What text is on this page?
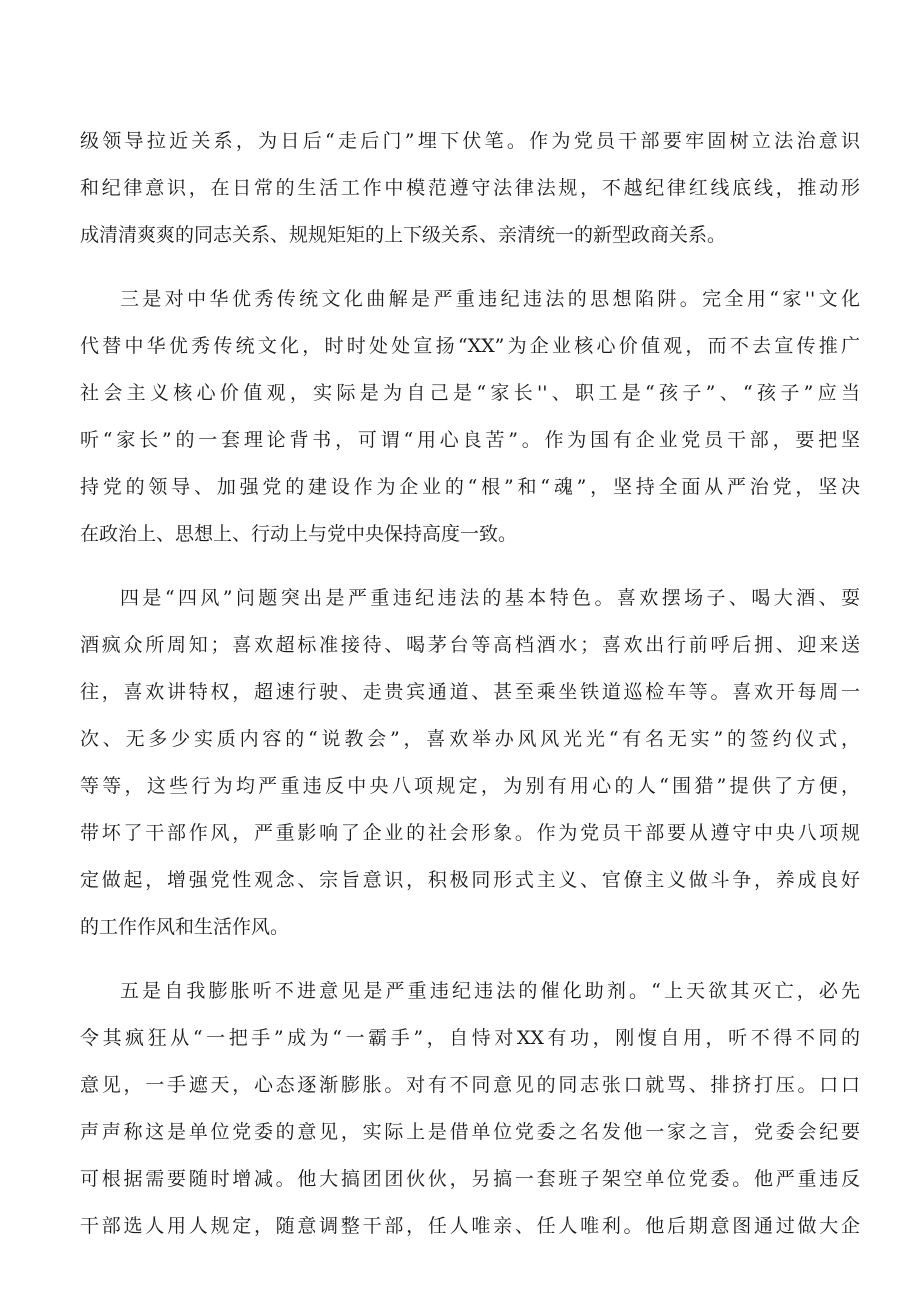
级领导拉近关系，为日后“走后门”埋下伏笔。作为党员干部要牢固树立法治意识
和纪律意识，在日常的生活工作中模范遵守法律法规，不越纪律红线底线，推动形
成清清爽爽的同志关系、规规矩矩的上下级关系、亲清统一的新型政商关系。
三是对中华优秀传统文化曲解是严重违纪违法的思想陷阱。完全用“家''文化
代替中华优秀传统文化，时时处处宣扬“XX”为企业核心价值观，而不去宣传推广
社会主义核心价值观，实际是为自己是“家长''、职工是“孩子”、“孩子”应当
听“家长”的一套理论背书，可谓“用心良苦”。作为国有企业党员干部，要把坚
持党的领导、加强党的建设作为企业的“根”和“魂”，坚持全面从严治党，坚决
在政治上、思想上、行动上与党中央保持高度一致。
四是“四风”问题突出是严重违纪违法的基本特色。喜欢摆场子、喝大酒、耍
酒疯众所周知；喜欢超标准接待、喝茅台等高档酒水；喜欢出行前呼后拥、迎来送
往，喜欢讲特权，超速行驶、走贵宾通道、甚至乘坐铁道巡检车等。喜欢开每周一
次、无多少实质内容的“说教会”，喜欢举办风风光光“有名无实”的签约仪式，
等等，这些行为均严重违反中央八项规定，为别有用心的人“围猎”提供了方便，
带坏了干部作风，严重影响了企业的社会形象。作为党员干部要从遵守中央八项规
定做起，增强党性观念、宗旨意识，积极同形式主义、官僚主义做斗争，养成良好
的工作作风和生活作风。
五是自我膨胀听不进意见是严重违纪违法的催化助剂。“上天欲其灭亡，必先
令其疯狂从“一把手”成为“一霸手”，自恃对XX有功，刚愎自用，听不得不同的
意见，一手遮天，心态逐渐膨胀。对有不同意见的同志张口就骂、排挤打压。口口
声声称这是单位党委的意见，实际上是借单位党委之名发他一家之言，党委会纪要
可根据需要随时增减。他大搞团团伙伙，另搞一套班子架空单位党委。他严重违反
干部选人用人规定，随意调整干部，任人唯亲、任人唯利。他后期意图通过做大企
